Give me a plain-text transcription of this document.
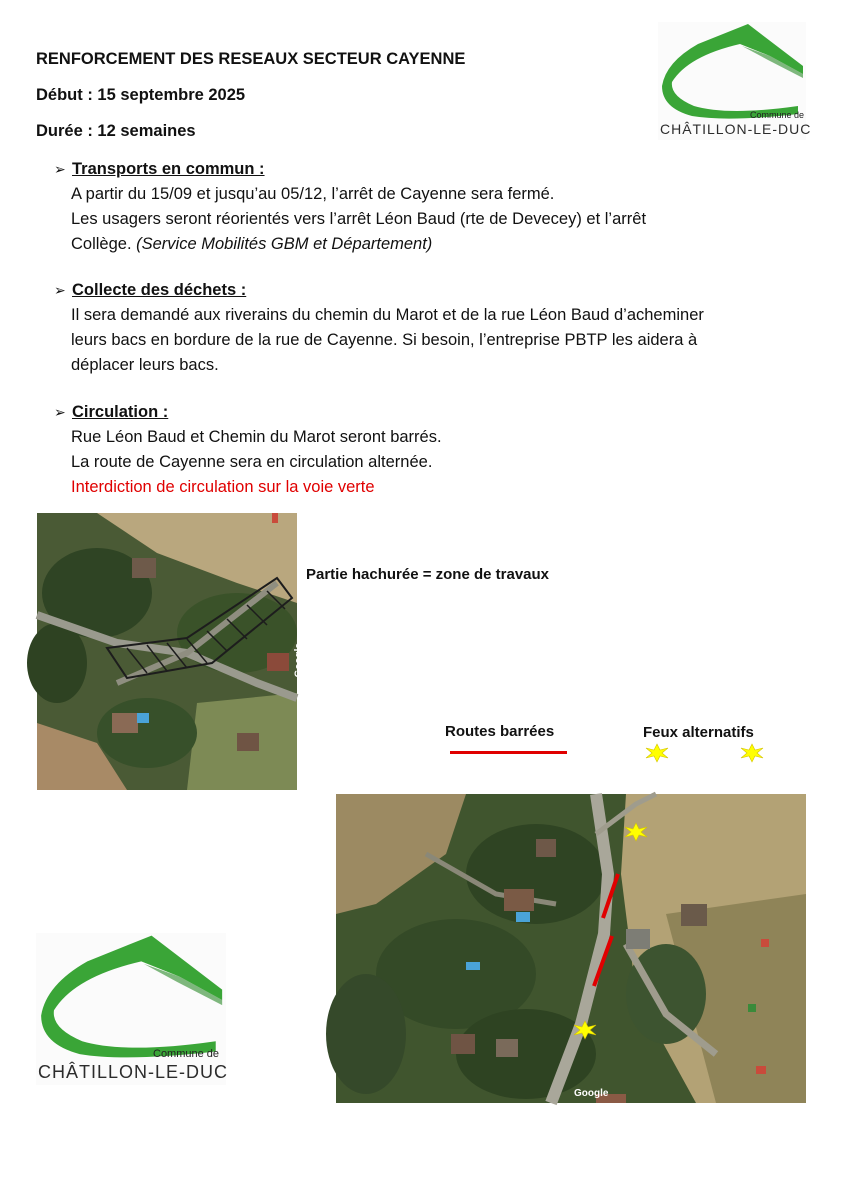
RENFORCEMENT DES RESEAUX SECTEUR CAYENNE
Début : 15 septembre 2025
Durée : 12 semaines
Commune de
CHÂTILLON-LE-DUC
➢ Transports en commun :
A partir du 15/09 et jusqu’au 05/12, l’arrêt de Cayenne sera fermé.
Les usagers seront réorientés vers l’arrêt Léon Baud (rte de Devecey) et l’arrêt
Collège. (Service Mobilités GBM et Département)
➢ Collecte des déchets :
Il sera demandé aux riverains du chemin du Marot et de la rue Léon Baud d’acheminer
leurs bacs en bordure de la rue de Cayenne. Si besoin, l’entreprise PBTP les aidera à
déplacer leurs bacs.
➢ Circulation :
Rue Léon Baud et Chemin du Marot seront barrés.
La route de Cayenne sera en circulation alternée.
Interdiction de circulation sur la voie verte
Google
Partie hachurée = zone de travaux
Routes barrées	Feux alternatifs
Google
Commune de
CHÂTILLON-LE-DUC
